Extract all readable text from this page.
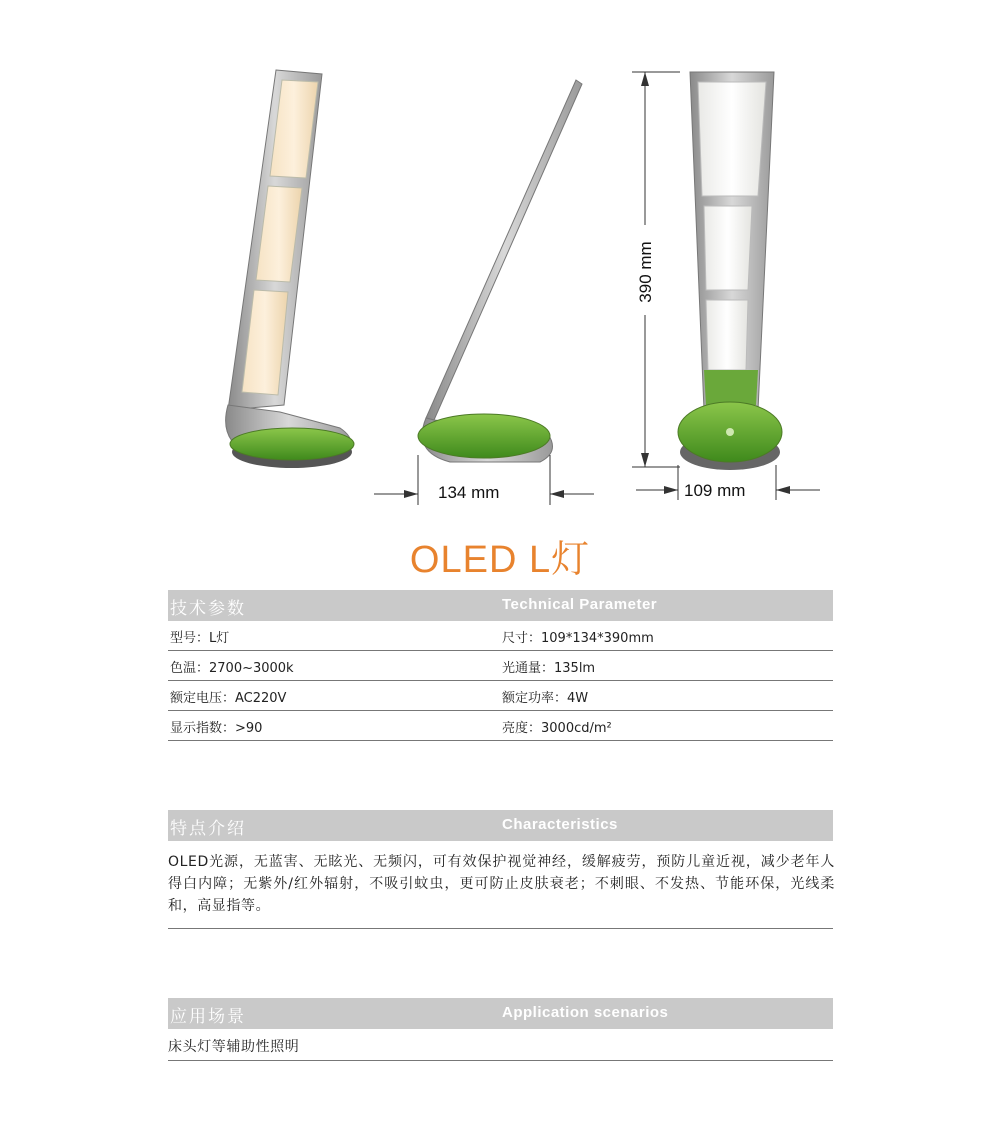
134 mm	109 mm
390 mm
OLED L灯
技术参数	Technical Parameter
型号：L灯	尺寸：109*134*390mm
色温：2700~3000k	光通量：135lm
额定电压：AC220V	额定功率：4W
显示指数：>90	亮度：3000cd/m²
特点介绍	Characteristics
OLED光源，无蓝害、无眩光、无频闪，可有效保护视觉神经，缓解疲劳，预防儿童近视，减少老年人得白内障；无紫外/红外辐射，不吸引蚊虫，更可防止皮肤衰老；不刺眼、不发热、节能环保，光线柔和，高显指等。
应用场景	Application scenarios
床头灯等辅助性照明
